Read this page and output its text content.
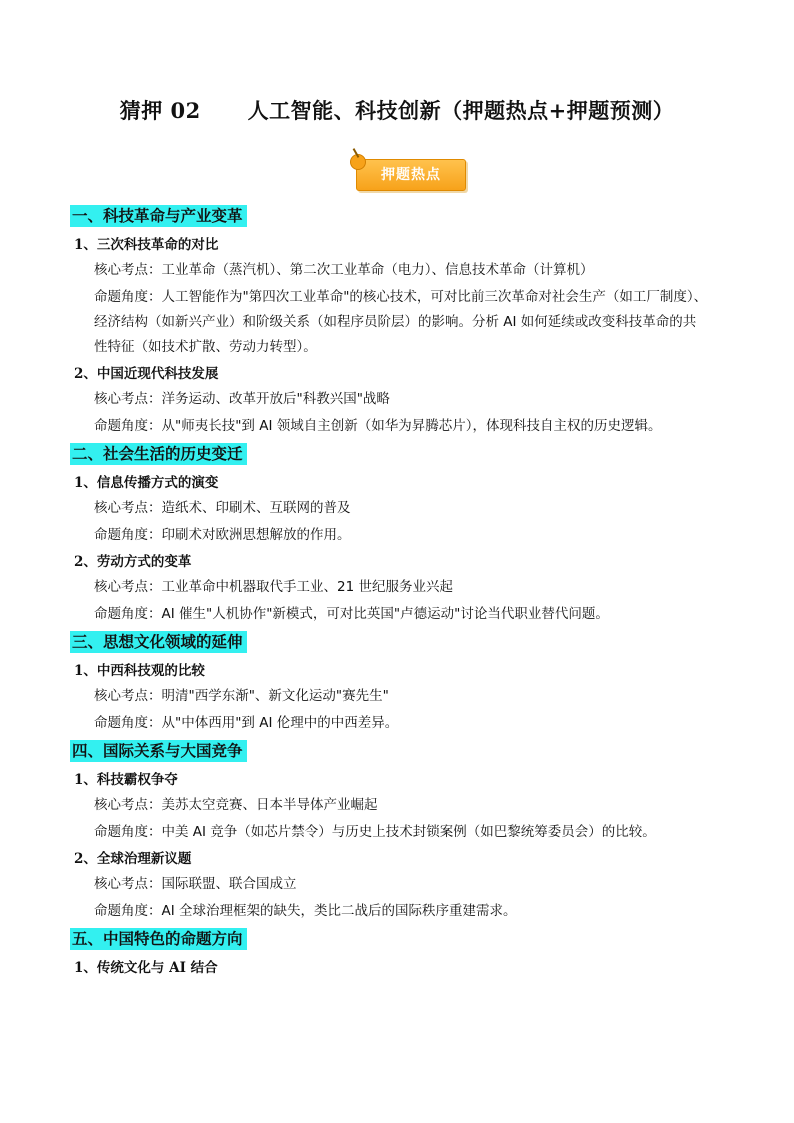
猜押 02      人工智能、科技创新（押题热点+押题预测）
押题热点
一、科技革命与产业变革
1、三次科技革命的对比
核心考点：工业革命（蒸汽机）、第二次工业革命（电力）、信息技术革命（计算机）
命题角度：人工智能作为"第四次工业革命"的核心技术，可对比前三次革命对社会生产（如工厂制度）、
经济结构（如新兴产业）和阶级关系（如程序员阶层）的影响。分析 AI 如何延续或改变科技革命的共
性特征（如技术扩散、劳动力转型）。
2、中国近现代科技发展
核心考点：洋务运动、改革开放后"科教兴国"战略
命题角度：从"师夷长技"到 AI 领域自主创新（如华为昇腾芯片），体现科技自主权的历史逻辑。
二、社会生活的历史变迁
1、信息传播方式的演变
核心考点：造纸术、印刷术、互联网的普及
命题角度：印刷术对欧洲思想解放的作用。
2、劳动方式的变革
核心考点：工业革命中机器取代手工业、21 世纪服务业兴起
命题角度：AI 催生"人机协作"新模式，可对比英国"卢德运动"讨论当代职业替代问题。
三、思想文化领域的延伸
1、中西科技观的比较
核心考点：明清"西学东渐"、新文化运动"赛先生"
命题角度：从"中体西用"到 AI 伦理中的中西差异。
四、国际关系与大国竞争
1、科技霸权争夺
核心考点：美苏太空竞赛、日本半导体产业崛起
命题角度：中美 AI 竞争（如芯片禁令）与历史上技术封锁案例（如巴黎统筹委员会）的比较。
2、全球治理新议题
核心考点：国际联盟、联合国成立
命题角度：AI 全球治理框架的缺失，类比二战后的国际秩序重建需求。
五、中国特色的命题方向
1、传统文化与 AI 结合
